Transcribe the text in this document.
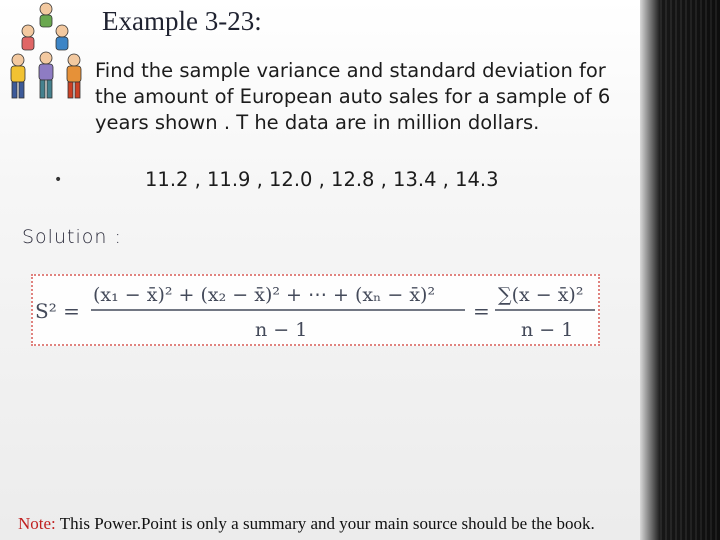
Example 3-23:
Find the sample variance and standard deviation for the amount of European auto sales for a sample of 6 years shown . T he data are in million dollars.
•	11.2 , 11.9 , 12.0 , 12.8 , 13.4 , 14.3
Solution :
S² =
(x₁ − x̄)² + (x₂ − x̄)² + ⋯ + (xₙ − x̄)²
n − 1
=
∑(x − x̄)²
n − 1
Note: This Power.Point is only a summary and your main source should be the book.
